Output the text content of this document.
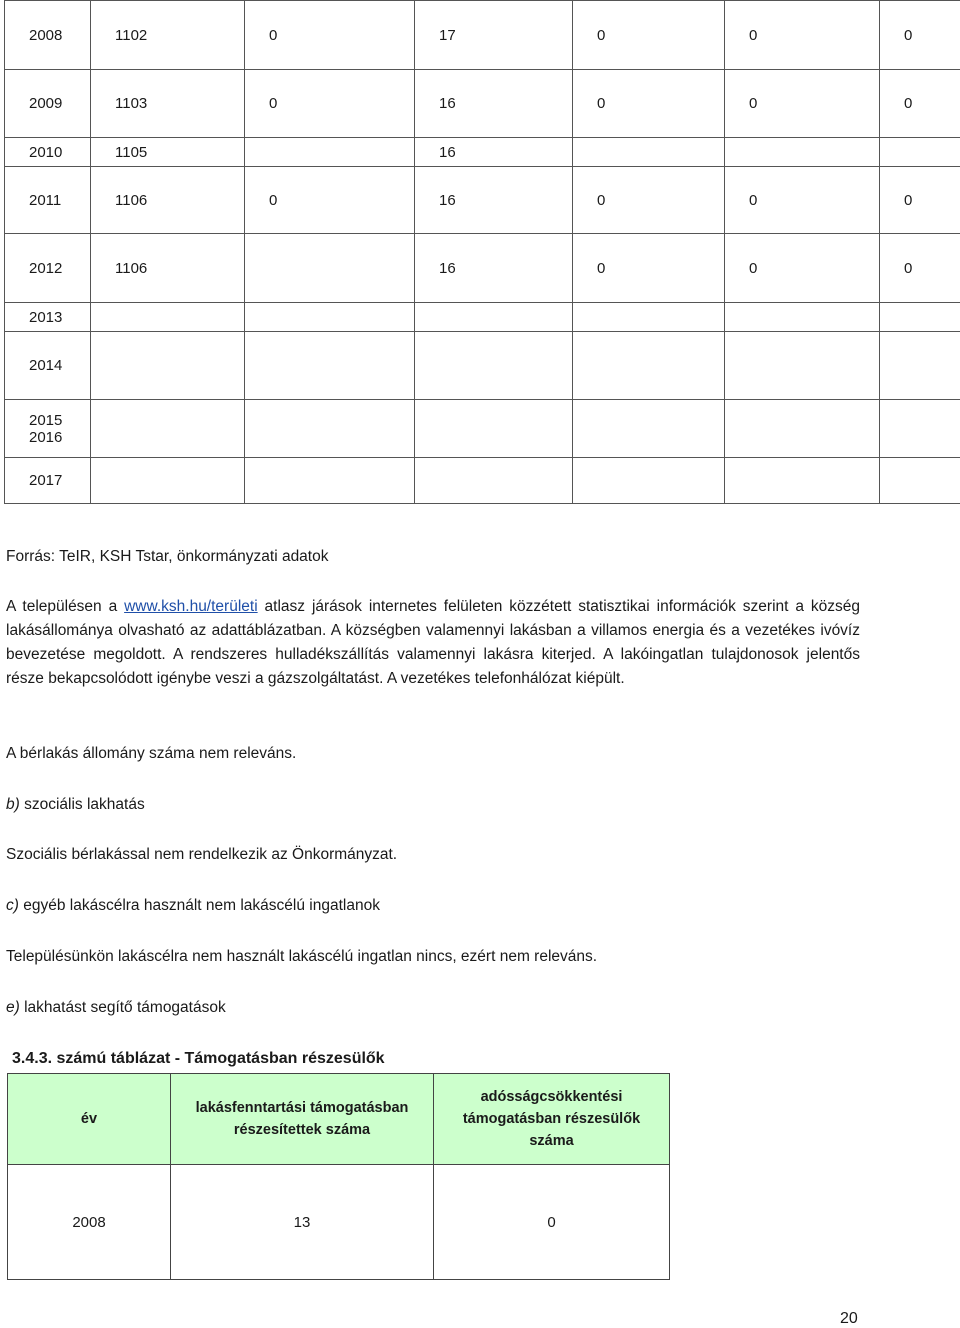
2008	1102	0	17	0	0	0
2009	1103	0	16	0	0	0
2010	1105		16			
2011	1106	0	16	0	0	0
2012	1106		16	0	0	0
2013						
2014						
2015
2016						
2017						

Forrás: TeIR, KSH Tstar, önkormányzati adatok

A településen a www.ksh.hu/területi atlasz járások internetes felületen közzétett statisztikai információk szerint a község lakásállománya olvasható az adattáblázatban. A községben valamennyi lakásban a villamos energia és a vezetékes ivóvíz bevezetése megoldott. A rendszeres hulladékszállítás valamennyi lakásra kiterjed. A lakóingatlan tulajdonosok jelentős része bekapcsolódott igénybe veszi a gázszolgáltatást. A vezetékes telefonhálózat kiépült.

A bérlakás állomány száma nem releváns.

b) szociális lakhatás

Szociális bérlakással nem rendelkezik az Önkormányzat.

c) egyéb lakáscélra használt nem lakáscélú ingatlanok

Településünkön lakáscélra nem használt lakáscélú ingatlan nincs, ezért nem releváns.

e) lakhatást segítő támogatások

3.4.3. számú táblázat - Támogatásban részesülők

év	lakásfenntartási támogatásban részesítettek száma	adósságcsökkentési támogatásban részesülők száma
2008	13	0
20
